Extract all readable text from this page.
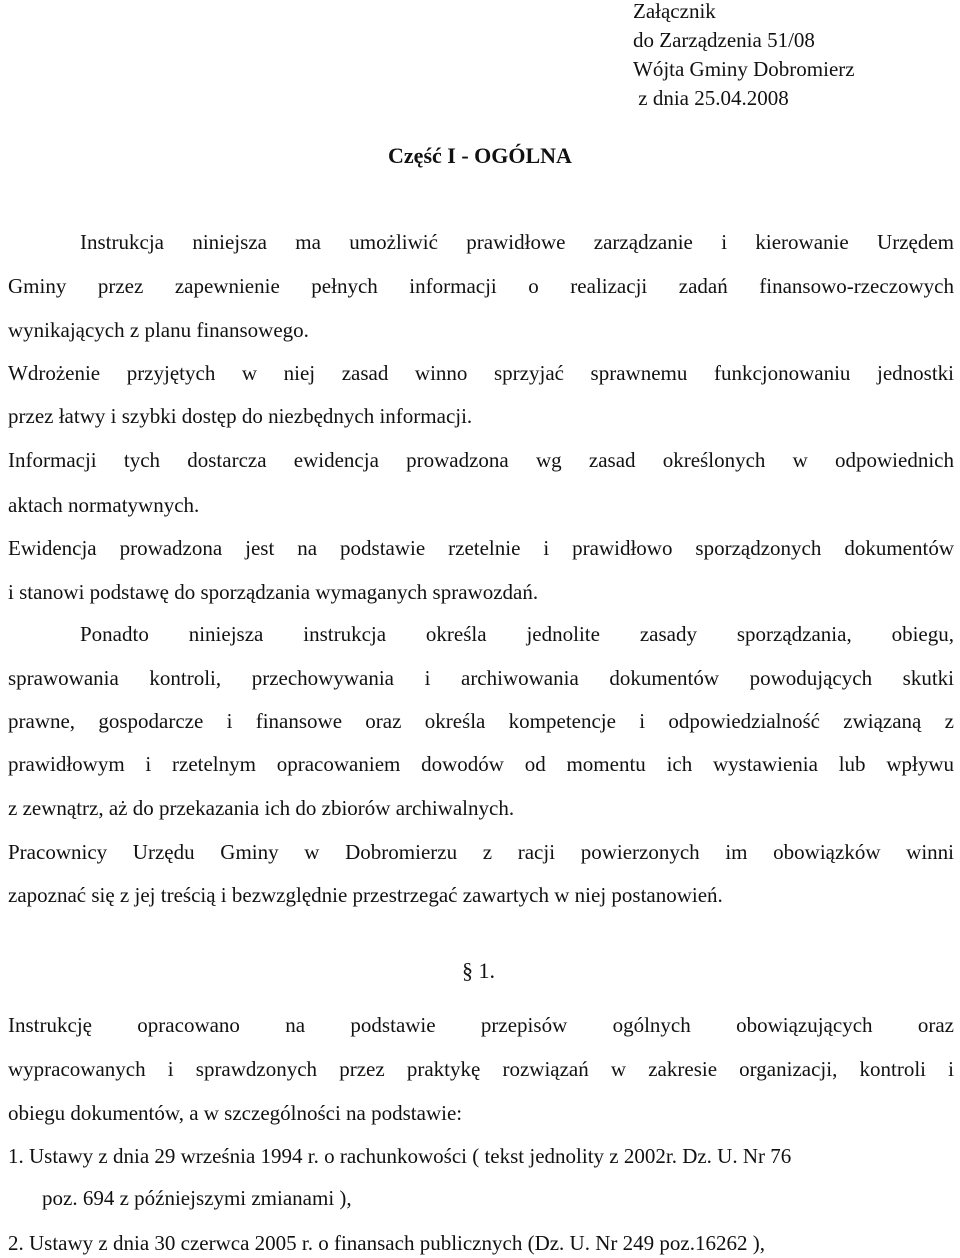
Załącznik
do Zarządzenia 51/08
Wójta Gminy Dobromierz
z dnia 25.04.2008
Część I - OGÓLNA
Instrukcja niniejsza ma umożliwić prawidłowe zarządzanie i kierowanie Urzędem
Gminy przez zapewnienie pełnych informacji o realizacji zadań finansowo-rzeczowych
wynikających z planu finansowego.
Wdrożenie przyjętych w niej zasad winno sprzyjać sprawnemu funkcjonowaniu jednostki
przez łatwy i szybki dostęp do niezbędnych informacji.
Informacji tych dostarcza ewidencja prowadzona wg zasad określonych w odpowiednich
aktach normatywnych.
Ewidencja prowadzona jest na podstawie rzetelnie i prawidłowo sporządzonych dokumentów
i stanowi podstawę do sporządzania wymaganych sprawozdań.
Ponadto niniejsza instrukcja określa jednolite zasady sporządzania, obiegu,
sprawowania kontroli, przechowywania i archiwowania dokumentów powodujących skutki
prawne, gospodarcze i finansowe oraz określa kompetencje i odpowiedzialność związaną z
prawidłowym i rzetelnym opracowaniem dowodów od momentu ich wystawienia lub wpływu
z zewnątrz, aż do przekazania ich do zbiorów archiwalnych.
Pracownicy Urzędu Gminy w Dobromierzu z racji powierzonych im obowiązków winni
zapoznać się z jej treścią i bezwzględnie przestrzegać zawartych w niej postanowień.
§ 1.
Instrukcję opracowano na podstawie przepisów ogólnych obowiązujących oraz
wypracowanych i sprawdzonych przez praktykę rozwiązań w zakresie organizacji, kontroli i
obiegu dokumentów, a w szczególności na podstawie:
1. Ustawy z dnia 29 września 1994 r. o rachunkowości ( tekst jednolity z 2002r. Dz. U. Nr 76
poz. 694 z późniejszymi zmianami ),
2. Ustawy z dnia 30 czerwca 2005 r. o finansach publicznych (Dz. U. Nr 249 poz.16262 ),
